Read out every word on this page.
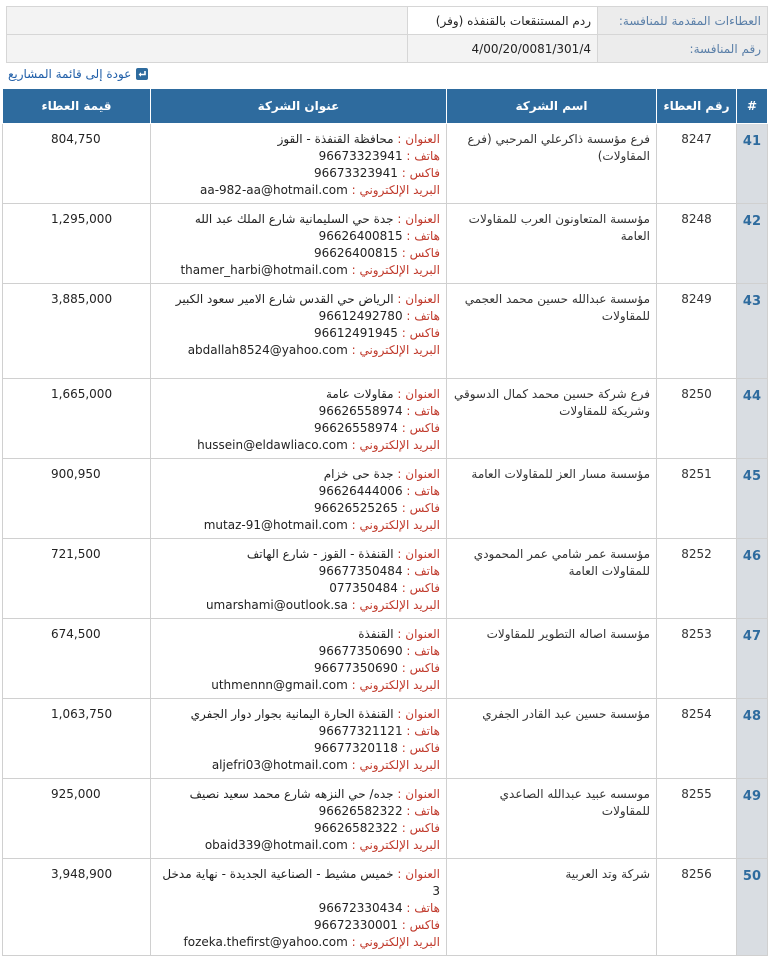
العطاءات المقدمة للمنافسة:	ردم المستنقعات بالقنفذه (وفر)	
رقم المنافسة:	4/00/20/0081/301/4	
عودة إلى قائمة المشاريع
#	رقم العطاء	اسم الشركة	عنوان الشركة	قيمة العطاء
41	8247	فرع مؤسسة ذاكرعلي المرحبي (فرع المقاولات)	العنوان : محافظة القنفذة - القوز
هاتف : 96673323941
فاكس : 96673323941
البريد الإلكتروني : aa-982-aa@hotmail.com	804,750
42	8248	مؤسسة المتعاونون العرب للمقاولات العامة	العنوان : جدة حي السليمانية شارع الملك عبد الله
هاتف : 96626400815
فاكس : 96626400815
البريد الإلكتروني : thamer_harbi@hotmail.com	1,295,000
43	8249	مؤسسة عبدالله حسين محمد العجمي للمقاولات	العنوان : الرياض حي القدس شارع الامير سعود الكبير
هاتف : 96612492780
فاكس : 96612491945
البريد الإلكتروني : abdallah8524@yahoo.com	3,885,000
44	8250	فرع شركة حسين محمد كمال الدسوقي وشريكة للمقاولات	العنوان : مقاولات عامة
هاتف : 96626558974
فاكس : 96626558974
البريد الإلكتروني : hussein@eldawliaco.com	1,665,000
45	8251	مؤسسة مسار العز للمقاولات العامة	العنوان : جدة حى خزام
هاتف : 96626444006
فاكس : 96626525265
البريد الإلكتروني : mutaz-91@hotmail.com	900,950
46	8252	مؤسسة عمر شامي عمر المحمودي للمقاولات العامة	العنوان : القنفذة - القوز - شارع الهاتف
هاتف : 96677350484
فاكس : 077350484
البريد الإلكتروني : umarshami@outlook.sa	721,500
47	8253	مؤسسة اصاله التطوير للمقاولات	العنوان : القنفذة
هاتف : 96677350690
فاكس : 96677350690
البريد الإلكتروني : uthmennn@gmail.com	674,500
48	8254	مؤسسة حسين عبد القادر الجفري	العنوان : القنفذة الحارة اليمانية بجوار دوار الجفري
هاتف : 96677321121
فاكس : 96677320118
البريد الإلكتروني : aljefri03@hotmail.com	1,063,750
49	8255	موسسه عبيد عبدالله الصاعدي للمقاولات	العنوان : جده/ حي النزهه شارع محمد سعيد نصيف
هاتف : 96626582322
فاكس : 96626582322
البريد الإلكتروني : obaid339@hotmail.com	925,000
50	8256	شركة وتد العربية	العنوان : خميس مشيط - الصناعية الجديدة - نهاية مدخل 3
هاتف : 96672330434
فاكس : 96672330001
البريد الإلكتروني : fozeka.thefirst@yahoo.com	3,948,900
